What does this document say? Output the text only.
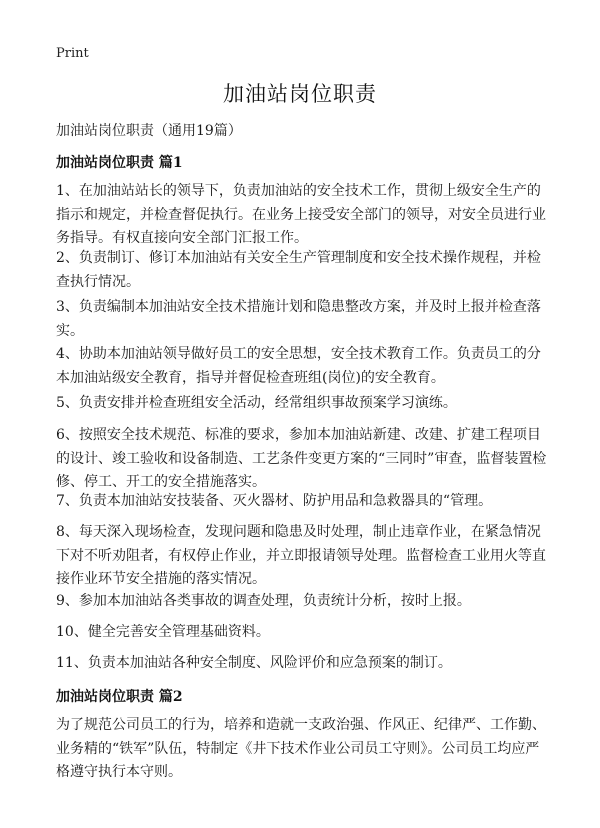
Print
加油站岗位职责
加油站岗位职责（通用19篇）
加油站岗位职责 篇1
1、在加油站站长的领导下，负责加油站的安全技术工作，贯彻上级安全生产的指示和规定，并检查督促执行。在业务上接受安全部门的领导，对安全员进行业务指导。有权直接向安全部门汇报工作。
2、负责制订、修订本加油站有关安全生产管理制度和安全技术操作规程，并检查执行情况。
3、负责编制本加油站安全技术措施计划和隐患整改方案，并及时上报并检查落实。
4、协助本加油站领导做好员工的安全思想，安全技术教育工作。负责员工的分本加油站级安全教育，指导并督促检查班组(岗位)的安全教育。
5、负责安排并检查班组安全活动，经常组织事故预案学习演练。
6、按照安全技术规范、标准的要求，参加本加油站新建、改建、扩建工程项目的设计、竣工验收和设备制造、工艺条件变更方案的“三同时”审查，监督装置检修、停工、开工的安全措施落实。
7、负责本加油站安技装备、灭火器材、防护用品和急救器具的“管理。
8、每天深入现场检查，发现问题和隐患及时处理，制止违章作业，在紧急情况下对不听劝阻者，有权停止作业，并立即报请领导处理。监督检查工业用火等直接作业环节安全措施的落实情况。
9、参加本加油站各类事故的调查处理，负责统计分析，按时上报。
10、健全完善安全管理基础资料。
11、负责本加油站各种安全制度、风险评价和应急预案的制订。
加油站岗位职责 篇2
为了规范公司员工的行为，培养和造就一支政治强、作风正、纪律严、工作勤、业务精的“铁军”队伍，特制定《井下技术作业公司员工守则》。公司员工均应严格遵守执行本守则。
